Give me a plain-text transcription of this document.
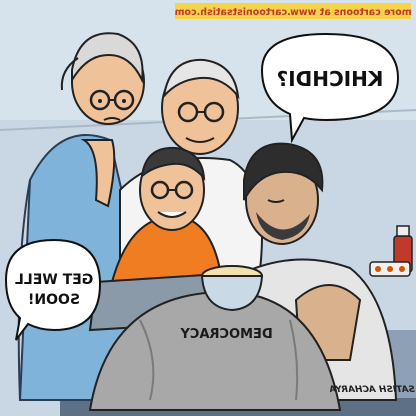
more cartoons at www.cartoonistsatish.com
DEMOCRACY
GET WELL
SOON!
KHICHDI?
SATISH ACHARYA
